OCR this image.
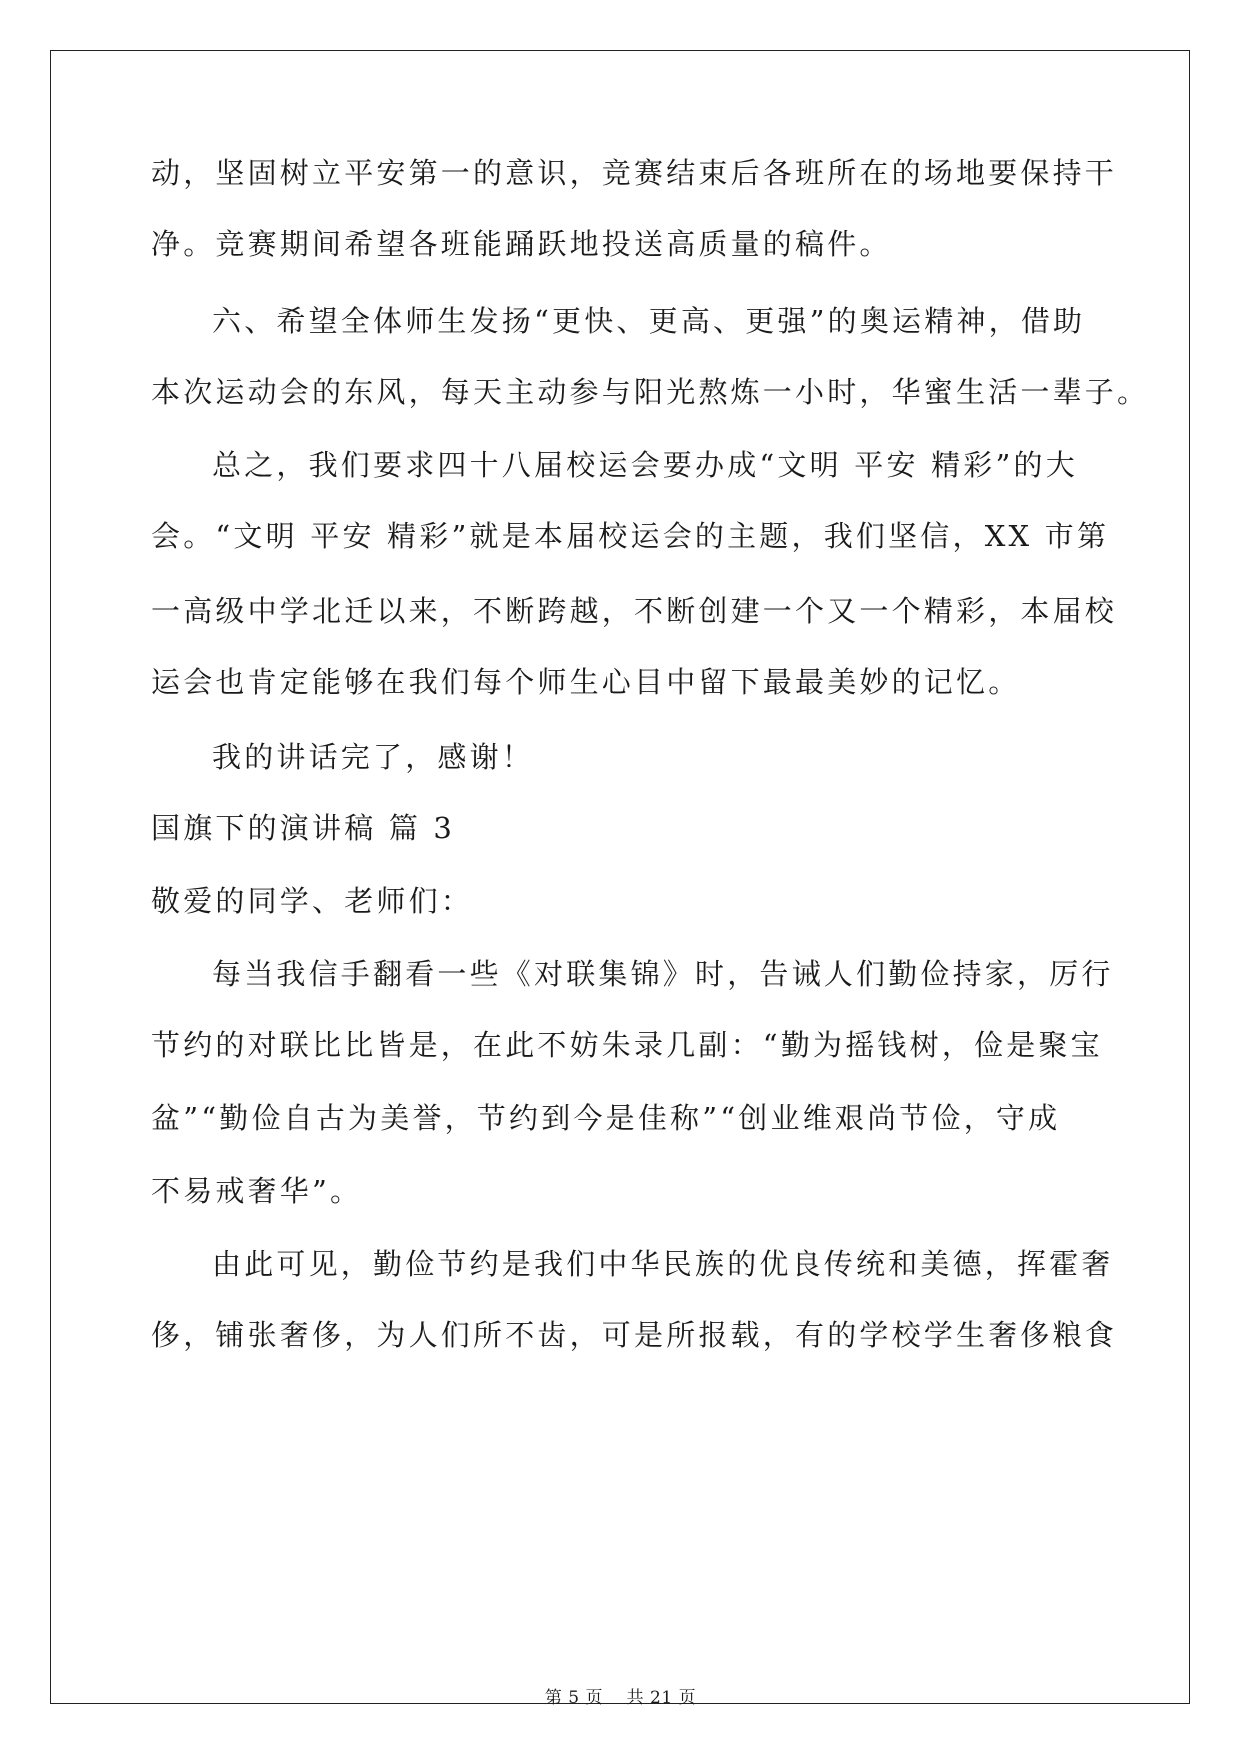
动，坚固树立平安第一的意识，竞赛结束后各班所在的场地要保持干
净。竞赛期间希望各班能踊跃地投送高质量的稿件。
六、希望全体师生发扬“更快、更高、更强”的奥运精神，借助
本次运动会的东风，每天主动参与阳光熬炼一小时，华蜜生活一辈子。
总之，我们要求四十八届校运会要办成“文明 平安 精彩”的大
会。“文明 平安 精彩”就是本届校运会的主题，我们坚信，XX 市第
一高级中学北迁以来，不断跨越，不断创建一个又一个精彩，本届校
运会也肯定能够在我们每个师生心目中留下最最美妙的记忆。
我的讲话完了，感谢！
国旗下的演讲稿 篇 3
敬爱的同学、老师们：
每当我信手翻看一些《对联集锦》时，告诫人们勤俭持家，厉行
节约的对联比比皆是，在此不妨朱录几副：“勤为摇钱树，俭是聚宝
盆”“勤俭自古为美誉，节约到今是佳称”“创业维艰尚节俭，守成
不易戒奢华”。
由此可见，勤俭节约是我们中华民族的优良传统和美德，挥霍奢
侈，铺张奢侈，为人们所不齿，可是所报载，有的学校学生奢侈粮食
第 5 页    共 21 页
